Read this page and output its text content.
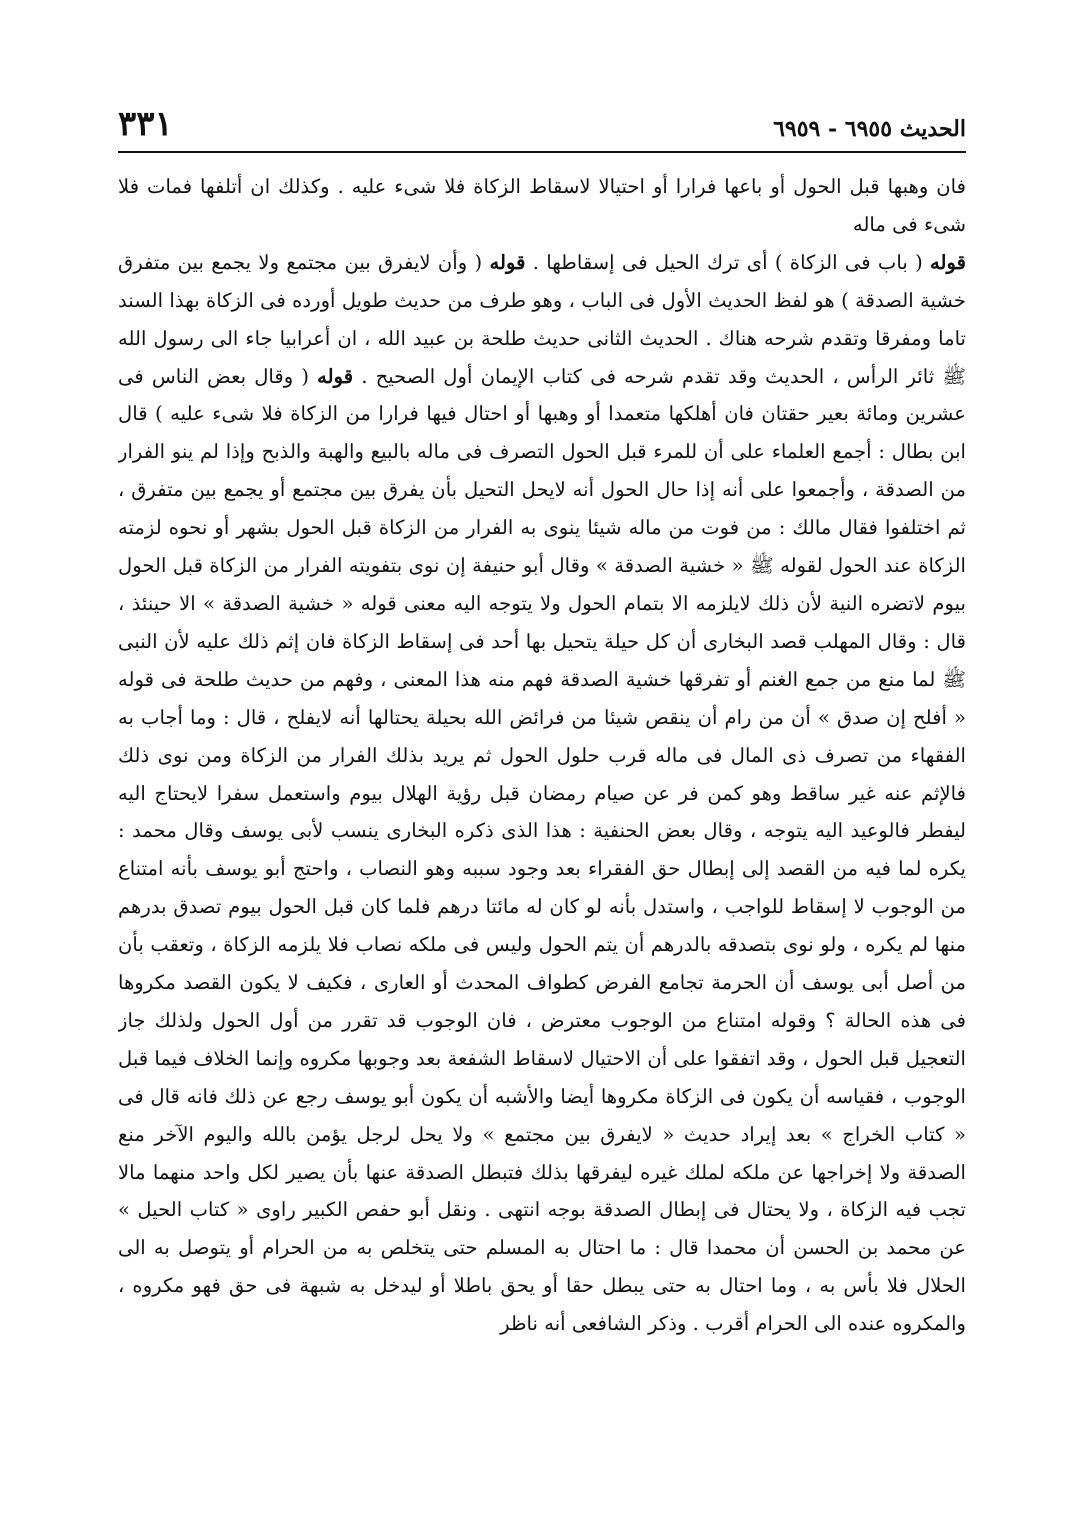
الحديث ٦٩٥٥ - ٦٩٥٩
٣٣١

فان وهبها قبل الحول أو باعها فرارا أو احتيالا لاسقاط الزكاة فلا شىء عليه . وكذلك ان أتلفها فمات فلا شىء فى ماله

قوله ( باب فى الزكاة ) أى ترك الحيل فى إسقاطها . قوله ( وأن لايفرق بين مجتمع ولا يجمع بين متفرق خشية الصدقة ) هو لفظ الحديث الأول فى الباب ، وهو طرف من حديث طويل أورده فى الزكاة بهذا السند تاما ومفرقا وتقدم شرحه هناك . الحديث الثانى حديث طلحة بن عبيد الله ، ان أعرابيا جاء الى رسول الله ﷺ ثائر الرأس ، الحديث وقد تقدم شرحه فى كتاب الإيمان أول الصحيح . قوله ( وقال بعض الناس فى عشرين ومائة بعير حقتان فان أهلكها متعمدا أو وهبها أو احتال فيها فرارا من الزكاة فلا شىء عليه ) قال ابن بطال : أجمع العلماء على أن للمرء قبل الحول التصرف فى ماله بالبيع والهبة والذبح وإذا لم ينو الفرار من الصدقة ، وأجمعوا على أنه إذا حال الحول أنه لايحل التحيل بأن يفرق بين مجتمع أو يجمع بين متفرق ، ثم اختلفوا فقال مالك : من فوت من ماله شيئا ينوى به الفرار من الزكاة قبل الحول بشهر أو نحوه لزمته الزكاة عند الحول لقوله ﷺ « خشية الصدقة » وقال أبو حنيفة إن نوى بتفويته الفرار من الزكاة قبل الحول بيوم لاتضره النية لأن ذلك لايلزمه الا بتمام الحول ولا يتوجه اليه معنى قوله « خشية الصدقة » الا حينئذ ، قال : وقال المهلب قصد البخارى أن كل حيلة يتحيل بها أحد فى إسقاط الزكاة فان إثم ذلك عليه لأن النبى ﷺ لما منع من جمع الغنم أو تفرقها خشية الصدقة فهم منه هذا المعنى ، وفهم من حديث طلحة فى قوله « أفلح إن صدق » أن من رام أن ينقص شيئا من فرائض الله بحيلة يحتالها أنه لايفلح ، قال : وما أجاب به الفقهاء من تصرف ذى المال فى ماله قرب حلول الحول ثم يريد بذلك الفرار من الزكاة ومن نوى ذلك فالإثم عنه غير ساقط وهو كمن فر عن صيام رمضان قبل رؤية الهلال بيوم واستعمل سفرا لايحتاج اليه ليفطر فالوعيد اليه يتوجه ، وقال بعض الحنفية : هذا الذى ذكره البخارى ينسب لأبى يوسف وقال محمد : يكره لما فيه من القصد إلى إبطال حق الفقراء بعد وجود سببه وهو النصاب ، واحتج أبو يوسف بأنه امتناع من الوجوب لا إسقاط للواجب ، واستدل بأنه لو كان له مائتا درهم فلما كان قبل الحول بيوم تصدق بدرهم منها لم يكره ، ولو نوى بتصدقه بالدرهم أن يتم الحول وليس فى ملكه نصاب فلا يلزمه الزكاة ، وتعقب بأن من أصل أبى يوسف أن الحرمة تجامع الفرض كطواف المحدث أو العارى ، فكيف لا يكون القصد مكروها فى هذه الحالة ؟ وقوله امتناع من الوجوب معترض ، فان الوجوب قد تقرر من أول الحول ولذلك جاز التعجيل قبل الحول ، وقد اتفقوا على أن الاحتيال لاسقاط الشفعة بعد وجوبها مكروه وإنما الخلاف فيما قبل الوجوب ، فقياسه أن يكون فى الزكاة مكروها أيضا والأشبه أن يكون أبو يوسف رجع عن ذلك فانه قال فى « كتاب الخراج » بعد إيراد حديث « لايفرق بين مجتمع » ولا يحل لرجل يؤمن بالله واليوم الآخر منع الصدقة ولا إخراجها عن ملكه لملك غيره ليفرقها بذلك فتبطل الصدقة عنها بأن يصير لكل واحد منهما مالا تجب فيه الزكاة ، ولا يحتال فى إبطال الصدقة بوجه انتهى . ونقل أبو حفص الكبير راوى « كتاب الحيل » عن محمد بن الحسن أن محمدا قال : ما احتال به المسلم حتى يتخلص به من الحرام أو يتوصل به الى الحلال فلا بأس به ، وما احتال به حتى يبطل حقا أو يحق باطلا أو ليدخل به شبهة فى حق فهو مكروه ، والمكروه عنده الى الحرام أقرب . وذكر الشافعى أنه ناظر
